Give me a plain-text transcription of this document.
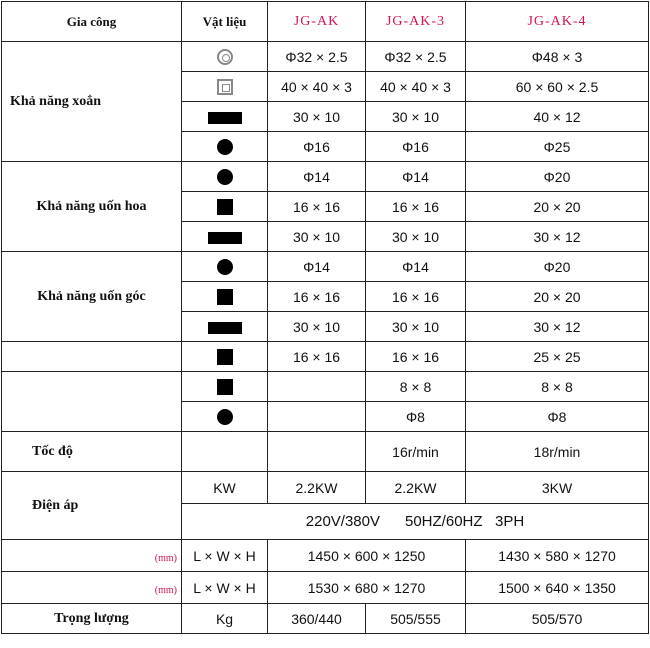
Gia công	Vật liệu	JG-AK	JG-AK-3	JG-AK-4
Khả năng xoắn		Φ32 × 2.5	Φ32 × 2.5	Φ48 × 3
		40 × 40 × 3	40 × 40 × 3	60 × 60 × 2.5
		30 × 10	30 × 10	40 × 12
		Φ16	Φ16	Φ25
Khả năng uốn hoa		Φ14	Φ14	Φ20
		16 × 16	16 × 16	20 × 20
		30 × 10	30 × 10	30 × 12
Khả năng uốn góc		Φ14	Φ14	Φ20
		16 × 16	16 × 16	20 × 20
		30 × 10	30 × 10	30 × 12
		16 × 16	16 × 16	25 × 25
			8 × 8	8 × 8
			Φ8	Φ8
Tốc độ			16r/min	18r/min
Điện áp	KW	2.2KW	2.2KW	3KW
	220V/380V      50HZ/60HZ   3PH			
(mm)	L × W × H	1450 × 600 × 1250		1430 × 580 × 1270
(mm)	L × W × H	1530 × 680 × 1270		1500 × 640 × 1350
Trọng lượng	Kg	360/440	505/555	505/570
